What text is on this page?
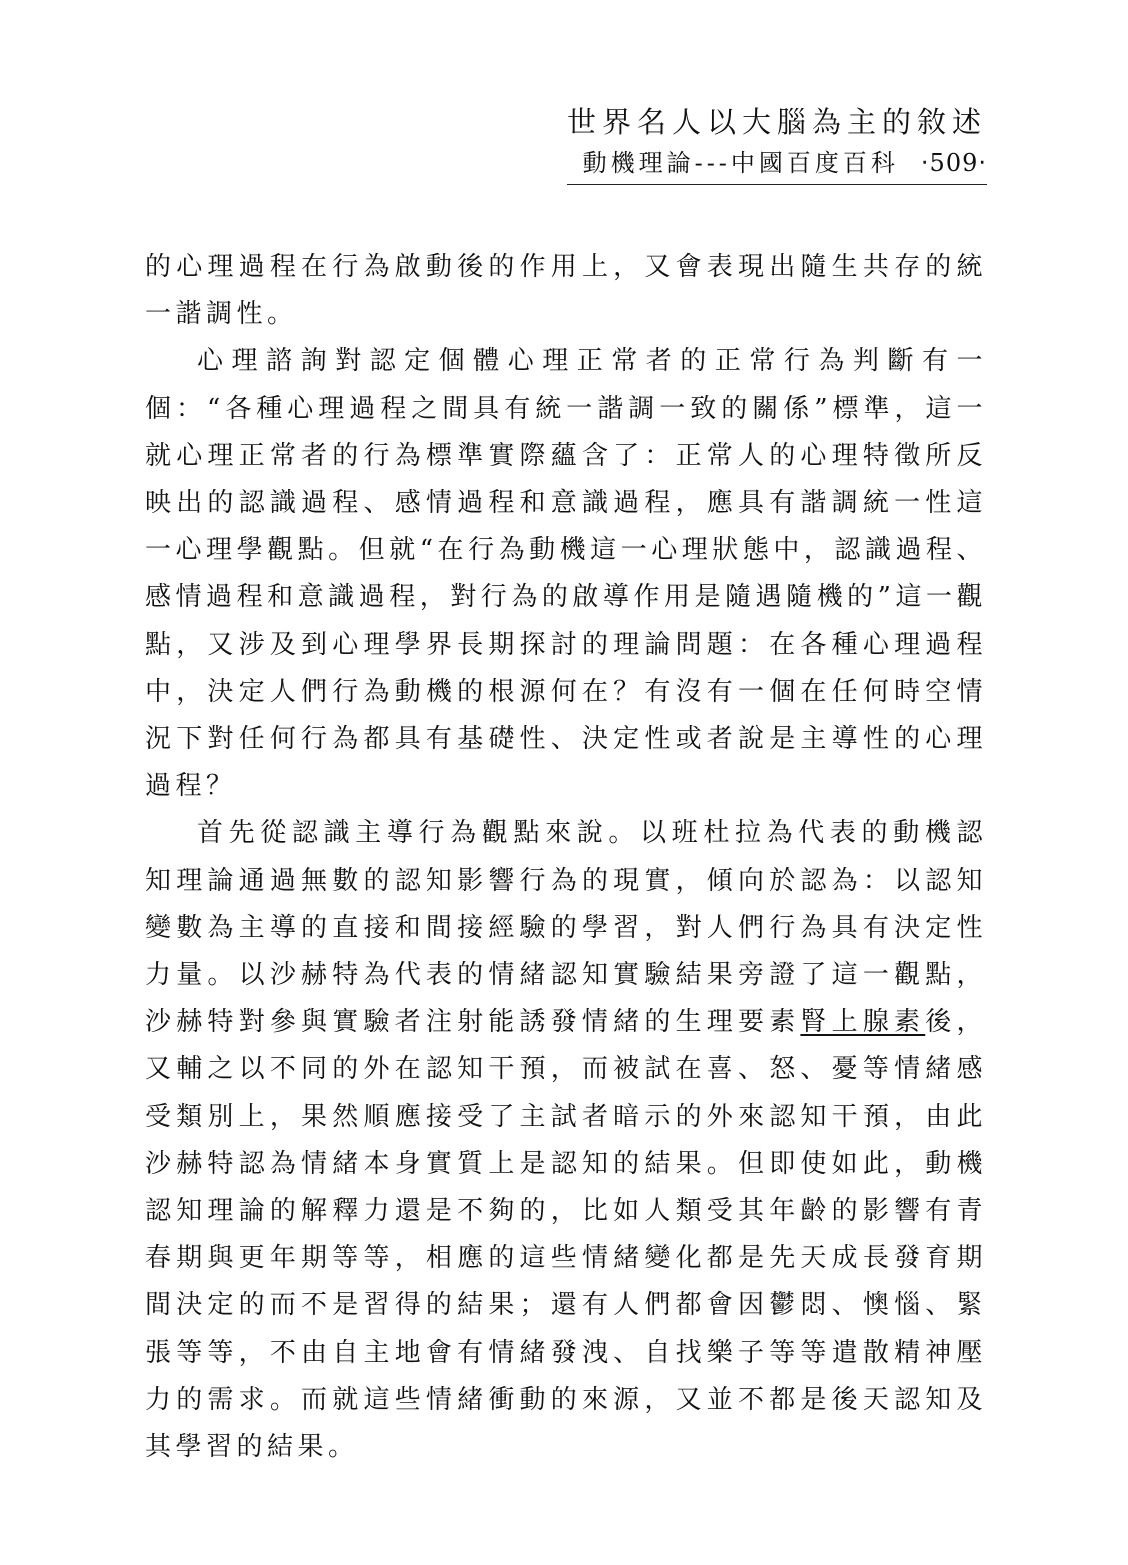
世界名人以大腦為主的敘述
動機理論---中國百度百科 ‧509‧

的心理過程在行為啟動後的作用上，又會表現出隨生共存的統一諧調性。

心理諮詢對認定個體心理正常者的正常行為判斷有一個：“各種心理過程之間具有統一諧調一致的關係”標準，這一就心理正常者的行為標準實際蘊含了：正常人的心理特徵所反映出的認識過程、感情過程和意識過程，應具有諧調統一性這一心理學觀點。但就“在行為動機這一心理狀態中，認識過程、感情過程和意識過程，對行為的啟導作用是隨遇隨機的”這一觀點，又涉及到心理學界長期探討的理論問題：在各種心理過程中，決定人們行為動機的根源何在？有沒有一個在任何時空情況下對任何行為都具有基礎性、決定性或者說是主導性的心理過程？

首先從認識主導行為觀點來說。以班杜拉為代表的動機認知理論通過無數的認知影響行為的現實，傾向於認為：以認知變數為主導的直接和間接經驗的學習，對人們行為具有決定性力量。以沙赫特為代表的情緒認知實驗結果旁證了這一觀點，沙赫特對參與實驗者注射能誘發情緒的生理要素腎上腺素後，又輔之以不同的外在認知干預，而被試在喜、怒、憂等情緒感受類別上，果然順應接受了主試者暗示的外來認知干預，由此沙赫特認為情緒本身實質上是認知的結果。但即使如此，動機認知理論的解釋力還是不夠的，比如人類受其年齡的影響有青春期與更年期等等，相應的這些情緒變化都是先天成長發育期間決定的而不是習得的結果；還有人們都會因鬱悶、懊惱、緊張等等，不由自主地會有情緒發洩、自找樂子等等遣散精神壓力的需求。而就這些情緒衝動的來源，又並不都是後天認知及其學習的結果。
